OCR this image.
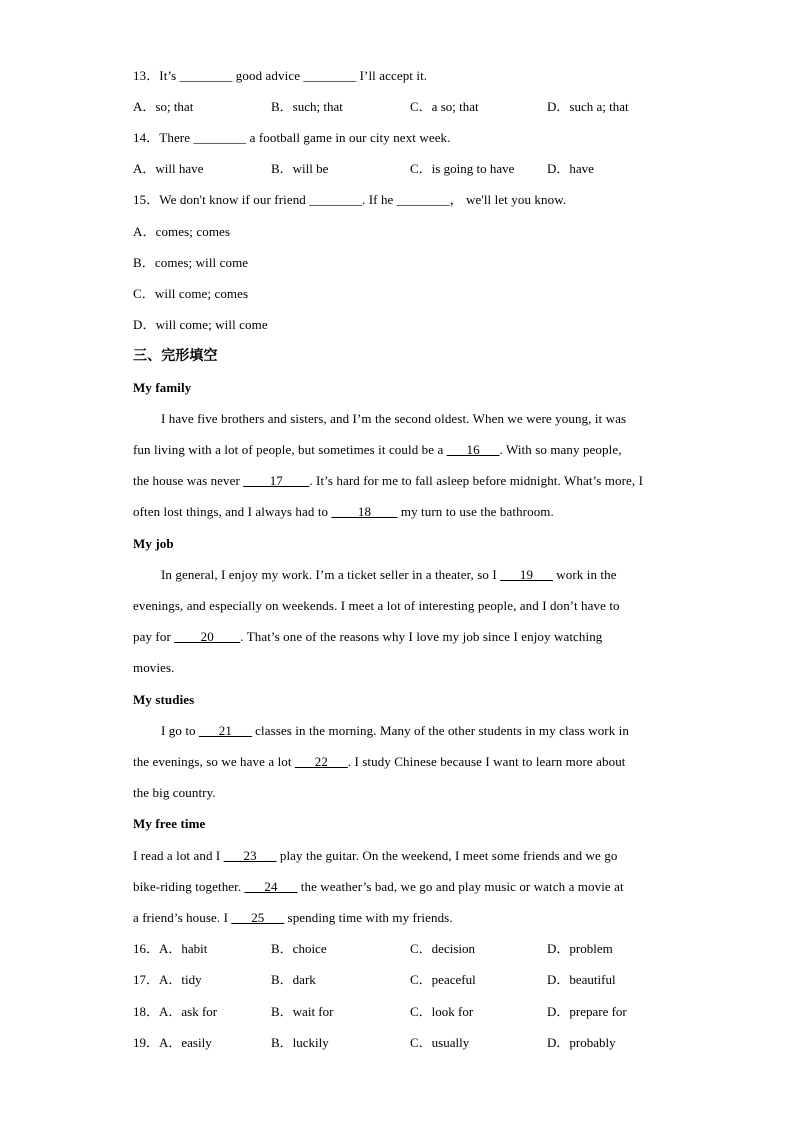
13．It’s ________ good advice ________ I’ll accept it.
A．so; that	B．such; that	C．a so; that	D．such a; that
14．There ________ a football game in our city next week.
A．will have	B．will be	C．is going to have	D．have
15．We don't know if our friend ________. If he ________， we'll let you know.
A．comes; comes
B．comes; will come
C．will come; comes
D．will come; will come
三、完形填空
My family
I have five brothers and sisters, and I’m the second oldest. When we were young, it was
fun living with a lot of people, but sometimes it could be a ___16___. With so many people,
the house was never ____17____. It’s hard for me to fall asleep before midnight. What’s more, I
often lost things, and I always had to ____18____ my turn to use the bathroom.
My job
In general, I enjoy my work. I’m a ticket seller in a theater, so I ___19___ work in the
evenings, and especially on weekends. I meet a lot of interesting people, and I don’t have to
pay for ____20____. That’s one of the reasons why I love my job since I enjoy watching
movies.
My studies
I go to ___21___ classes in the morning. Many of the other students in my class work in
the evenings, so we have a lot ___22___. I study Chinese because I want to learn more about
the big country.
My free time
I read a lot and I ___23___ play the guitar. On the weekend, I meet some friends and we go
bike-riding together. ___24___ the weather’s bad, we go and play music or watch a movie at
a friend’s house. I ___25___ spending time with my friends.
16．A．habit	B．choice	C．decision	D．problem
17．A．tidy	B．dark	C．peaceful	D．beautiful
18．A．ask for	B．wait for	C．look for	D．prepare for
19．A．easily	B．luckily	C．usually	D．probably
